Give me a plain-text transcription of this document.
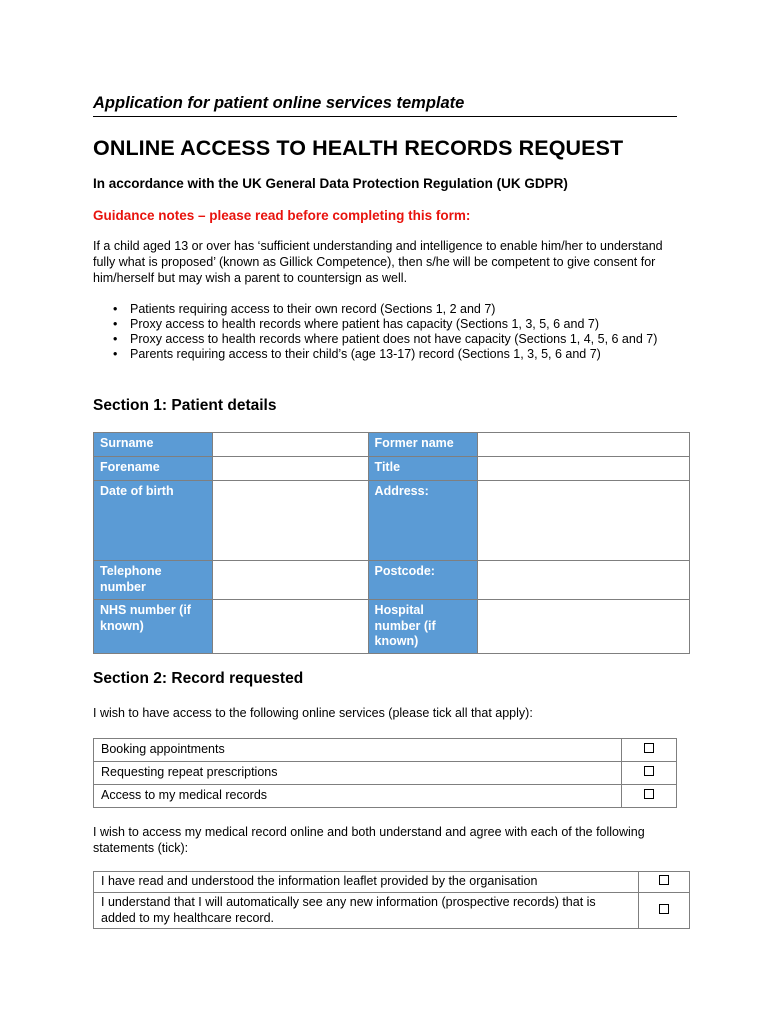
Application for patient online services template
ONLINE ACCESS TO HEALTH RECORDS REQUEST
In accordance with the UK General Data Protection Regulation (UK GDPR)
Guidance notes – please read before completing this form:
If a child aged 13 or over has ‘sufficient understanding and intelligence to enable him/her to understand fully what is proposed’ (known as Gillick Competence), then s/he will be competent to give consent for him/herself but may wish a parent to countersign as well.
• Patients requiring access to their own record (Sections 1, 2 and 7)
• Proxy access to health records where patient has capacity (Sections 1, 3, 5, 6 and 7)
• Proxy access to health records where patient does not have capacity (Sections 1, 4, 5, 6 and 7)
• Parents requiring access to their child’s (age 13-17) record (Sections 1, 3, 5, 6 and 7)
Section 1: Patient details
Surname		Former name	
Forename		Title	
Date of birth		Address:	
Telephone number		Postcode:	
NHS number (if known)		Hospital number (if known)	
Section 2: Record requested
I wish to have access to the following online services (please tick all that apply):
Booking appointments	
Requesting repeat prescriptions	
Access to my medical records	
I wish to access my medical record online and both understand and agree with each of the following statements (tick):
I have read and understood the information leaflet provided by the organisation	
I understand that I will automatically see any new information (prospective records) that is added to my healthcare record.	
